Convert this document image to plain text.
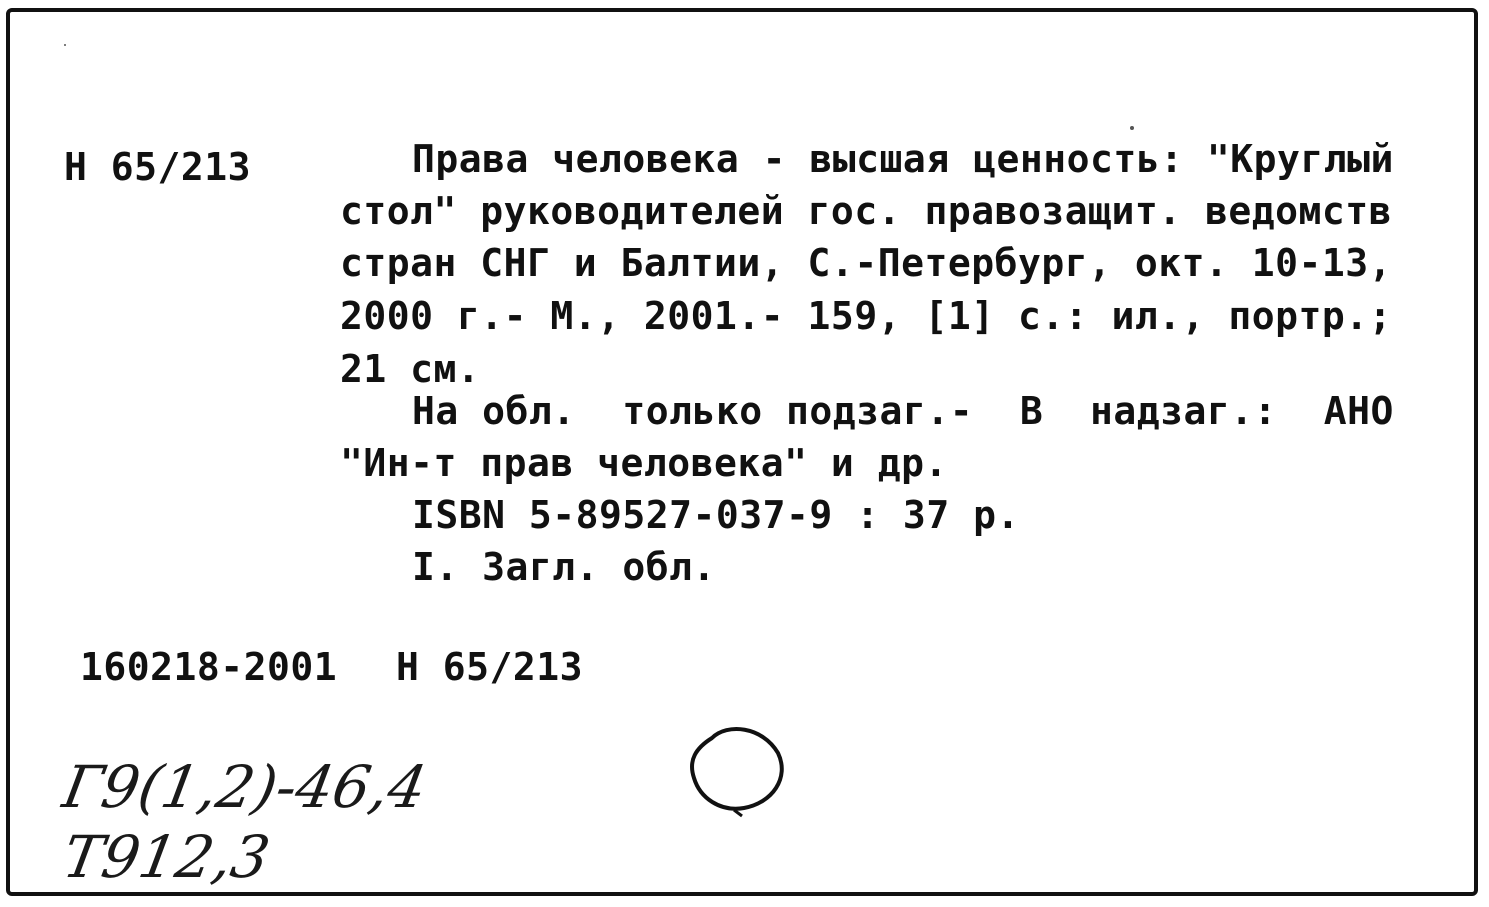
Н 65/213	Права человека - высшая ценность: "Круглый
стол" руководителей гос. правозащит. ведомств
стран СНГ и Балтии, С.-Петербург, окт. 10-13,
2000 г.- М., 2001.- 159, [1] с.: ил., портр.;
21 см.
На обл.  только подзаг.-  В  надзаг.:  АНО
"Ин-т прав человека" и др.
ISBN 5-89527-037-9 : 37 р.
I. Загл. обл.
160218-2001 Н 65/213
Г9(1,2)-46,4
Т912,3
